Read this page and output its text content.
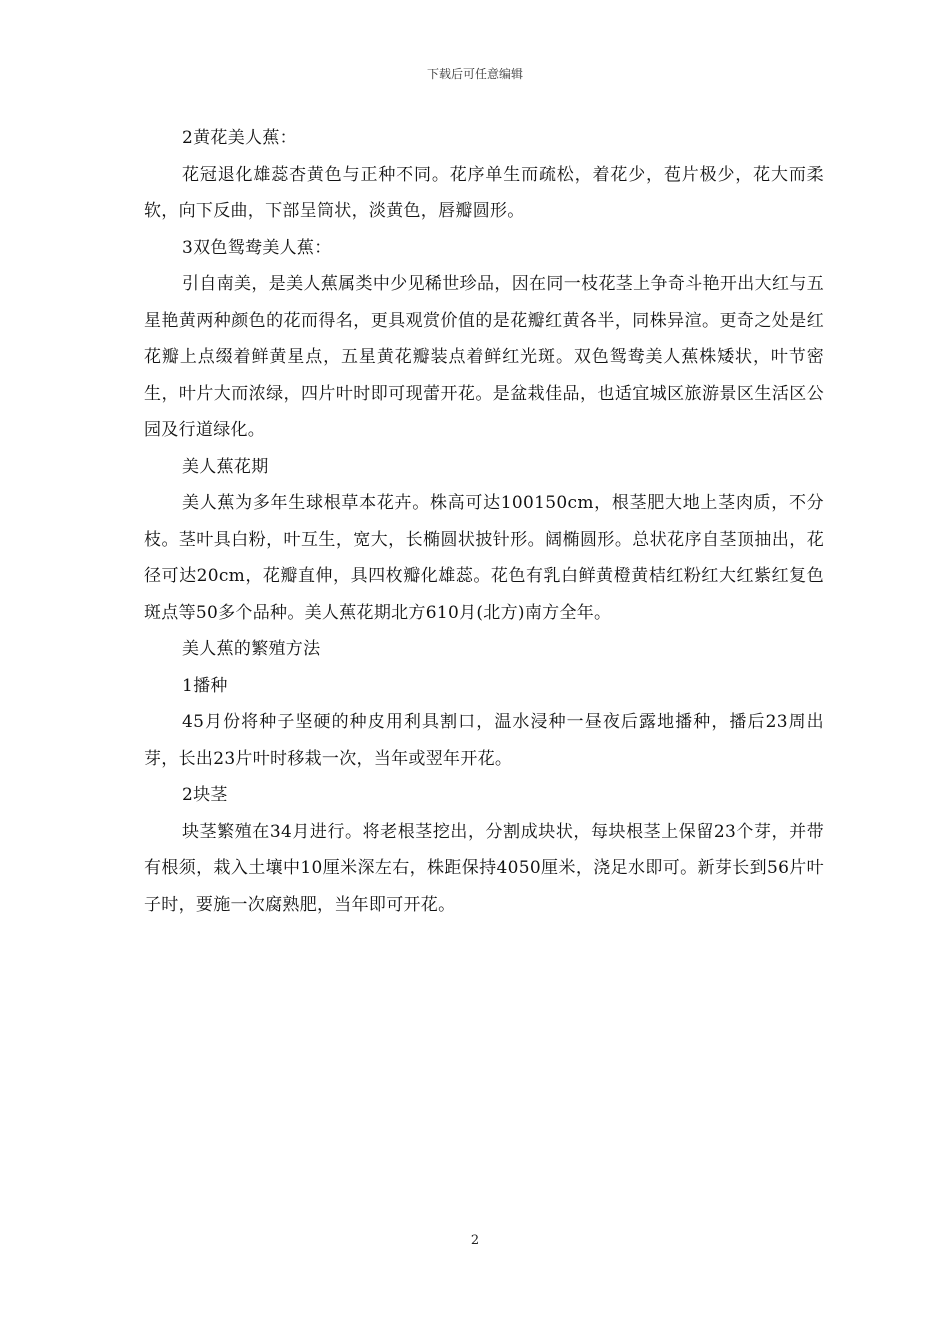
下载后可任意编辑

2黄花美人蕉：

花冠退化雄蕊杏黄色与正种不同。花序单生而疏松，着花少，苞片极少，花大而柔软，向下反曲，下部呈筒状，淡黄色，唇瓣圆形。

3双色鸳鸯美人蕉：

引自南美，是美人蕉属类中少见稀世珍品，因在同一枝花茎上争奇斗艳开出大红与五星艳黄两种颜色的花而得名，更具观赏价值的是花瓣红黄各半，同株异渲。更奇之处是红花瓣上点缀着鲜黄星点，五星黄花瓣装点着鲜红光斑。双色鸳鸯美人蕉株矮状，叶节密生，叶片大而浓绿，四片叶时即可现蕾开花。是盆栽佳品，也适宜城区旅游景区生活区公园及行道绿化。

美人蕉花期

美人蕉为多年生球根草本花卉。株高可达100150cm，根茎肥大地上茎肉质，不分枝。茎叶具白粉，叶互生，宽大，长椭圆状披针形。阔椭圆形。总状花序自茎顶抽出，花径可达20cm，花瓣直伸，具四枚瓣化雄蕊。花色有乳白鲜黄橙黄桔红粉红大红紫红复色斑点等50多个品种。美人蕉花期北方610月(北方)南方全年。

美人蕉的繁殖方法

1播种

45月份将种子坚硬的种皮用利具割口，温水浸种一昼夜后露地播种，播后23周出芽，长出23片叶时移栽一次，当年或翌年开花。

2块茎

块茎繁殖在34月进行。将老根茎挖出，分割成块状，每块根茎上保留23个芽，并带有根须，栽入土壤中10厘米深左右，株距保持4050厘米，浇足水即可。新芽长到56片叶子时，要施一次腐熟肥，当年即可开花。

2
